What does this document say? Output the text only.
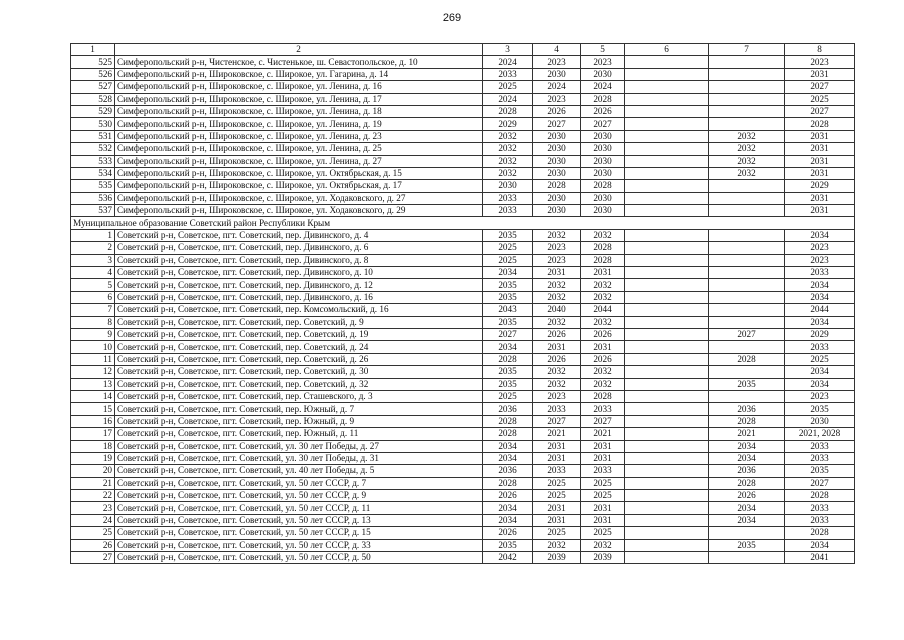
269
1	2	3	4	5	6	7	8
525	Симферопольский р-н, Чистенское, с. Чистенькое, ш. Севастопольское, д. 10	2024	2023	2023			2023
526	Симферопольский р-н, Широковское, с. Широкое, ул. Гагарина, д. 14	2033	2030	2030			2031
527	Симферопольский р-н, Широковское, с. Широкое, ул. Ленина, д. 16	2025	2024	2024			2027
528	Симферопольский р-н, Широковское, с. Широкое, ул. Ленина, д. 17	2024	2023	2028			2025
529	Симферопольский р-н, Широковское, с. Широкое, ул. Ленина, д. 18	2028	2026	2026			2027
530	Симферопольский р-н, Широковское, с. Широкое, ул. Ленина, д. 19	2029	2027	2027			2028
531	Симферопольский р-н, Широковское, с. Широкое, ул. Ленина, д. 23	2032	2030	2030		2032	2031
532	Симферопольский р-н, Широковское, с. Широкое, ул. Ленина, д. 25	2032	2030	2030		2032	2031
533	Симферопольский р-н, Широковское, с. Широкое, ул. Ленина, д. 27	2032	2030	2030		2032	2031
534	Симферопольский р-н, Широковское, с. Широкое, ул. Октябрьская, д. 15	2032	2030	2030		2032	2031
535	Симферопольский р-н, Широковское, с. Широкое, ул. Октябрьская, д. 17	2030	2028	2028			2029
536	Симферопольский р-н, Широковское, с. Широкое, ул. Ходаковского, д. 27	2033	2030	2030			2031
537	Симферопольский р-н, Широковское, с. Широкое, ул. Ходаковского, д. 29	2033	2030	2030			2031
Муниципальное образование Советский район Республики Крым							
1	Советский р-н, Советское, пгт. Советский, пер. Дивинского, д. 4	2035	2032	2032			2034
2	Советский р-н, Советское, пгт. Советский, пер. Дивинского, д. 6	2025	2023	2028			2023
3	Советский р-н, Советское, пгт. Советский, пер. Дивинского, д. 8	2025	2023	2028			2023
4	Советский р-н, Советское, пгт. Советский, пер. Дивинского, д. 10	2034	2031	2031			2033
5	Советский р-н, Советское, пгт. Советский, пер. Дивинского, д. 12	2035	2032	2032			2034
6	Советский р-н, Советское, пгт. Советский, пер. Дивинского, д. 16	2035	2032	2032			2034
7	Советский р-н, Советское, пгт. Советский, пер. Комсомольский, д. 16	2043	2040	2044			2044
8	Советский р-н, Советское, пгт. Советский, пер. Советский, д. 9	2035	2032	2032			2034
9	Советский р-н, Советское, пгт. Советский, пер. Советский, д. 19	2027	2026	2026		2027	2029
10	Советский р-н, Советское, пгт. Советский, пер. Советский, д. 24	2034	2031	2031			2033
11	Советский р-н, Советское, пгт. Советский, пер. Советский, д. 26	2028	2026	2026		2028	2025
12	Советский р-н, Советское, пгт. Советский, пер. Советский, д. 30	2035	2032	2032			2034
13	Советский р-н, Советское, пгт. Советский, пер. Советский, д. 32	2035	2032	2032		2035	2034
14	Советский р-н, Советское, пгт. Советский, пер. Сташевского, д. 3	2025	2023	2028			2023
15	Советский р-н, Советское, пгт. Советский, пер. Южный, д. 7	2036	2033	2033		2036	2035
16	Советский р-н, Советское, пгт. Советский, пер. Южный, д. 9	2028	2027	2027		2028	2030
17	Советский р-н, Советское, пгт. Советский, пер. Южный, д. 11	2028	2021	2021		2021	2021, 2028
18	Советский р-н, Советское, пгт. Советский, ул. 30 лет Победы, д. 27	2034	2031	2031		2034	2033
19	Советский р-н, Советское, пгт. Советский, ул. 30 лет Победы, д. 31	2034	2031	2031		2034	2033
20	Советский р-н, Советское, пгт. Советский, ул. 40 лет Победы, д. 5	2036	2033	2033		2036	2035
21	Советский р-н, Советское, пгт. Советский, ул. 50 лет СССР, д. 7	2028	2025	2025		2028	2027
22	Советский р-н, Советское, пгт. Советский, ул. 50 лет СССР, д. 9	2026	2025	2025		2026	2028
23	Советский р-н, Советское, пгт. Советский, ул. 50 лет СССР, д. 11	2034	2031	2031		2034	2033
24	Советский р-н, Советское, пгт. Советский, ул. 50 лет СССР, д. 13	2034	2031	2031		2034	2033
25	Советский р-н, Советское, пгт. Советский, ул. 50 лет СССР, д. 15	2026	2025	2025			2028
26	Советский р-н, Советское, пгт. Советский, ул. 50 лет СССР, д. 33	2035	2032	2032		2035	2034
27	Советский р-н, Советское, пгт. Советский, ул. 50 лет СССР, д. 50	2042	2039	2039			2041
